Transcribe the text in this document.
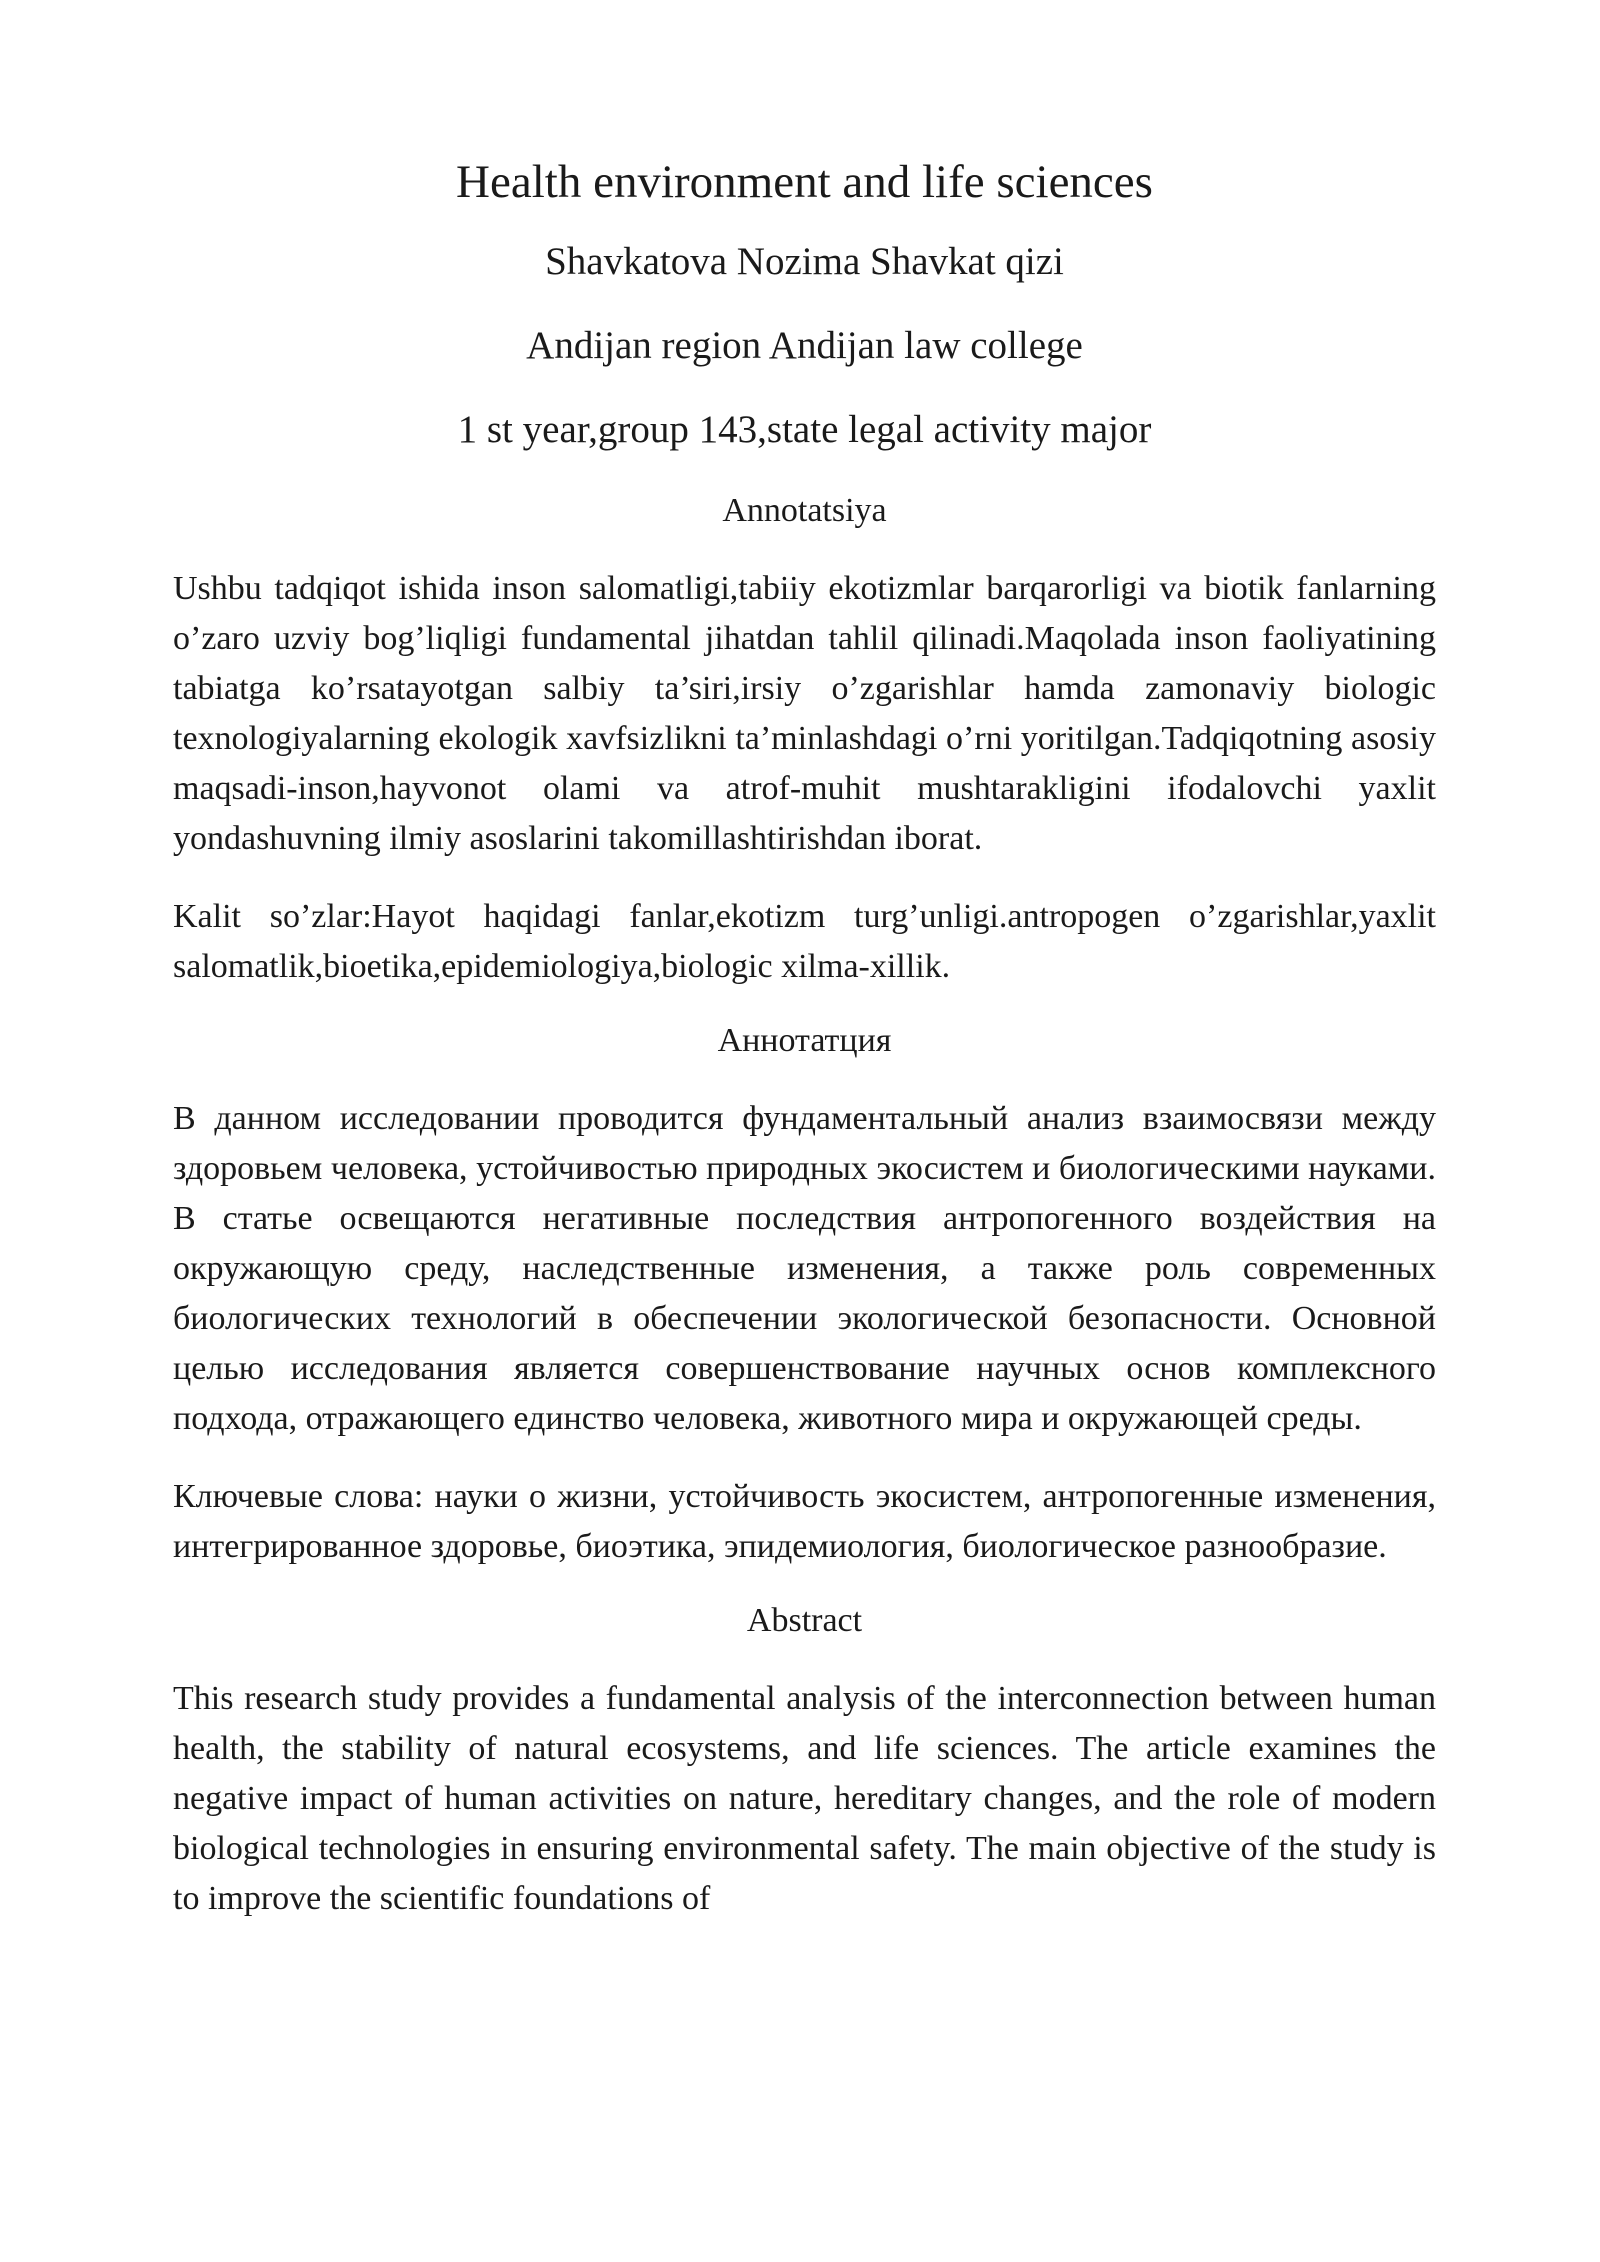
Health environment and life sciences

Shavkatova Nozima Shavkat qizi

Andijan region Andijan law college

1 st year,group 143,state legal activity major

Annotatsiya

Ushbu tadqiqot ishida inson salomatligi,tabiiy ekotizmlar barqarorligi va biotik fanlarning o’zaro uzviy bog’liqligi fundamental jihatdan tahlil qilinadi.Maqolada inson faoliyatining tabiatga ko’rsatayotgan salbiy ta’siri,irsiy o’zgarishlar hamda zamonaviy biologic texnologiyalarning ekologik xavfsizlikni ta’minlashdagi o’rni yoritilgan.Tadqiqotning asosiy maqsadi-inson,hayvonot olami va atrof-muhit mushtarakligini ifodalovchi yaxlit yondashuvning ilmiy asoslarini takomillashtirishdan iborat.

Kalit so’zlar:Hayot haqidagi fanlar,ekotizm turg’unligi.antropogen o’zgarishlar,yaxlit salomatlik,bioetika,epidemiologiya,biologic xilma-xillik.

Аннотатция

В данном исследовании проводится фундаментальный анализ взаимосвязи между здоровьем человека, устойчивостью природных экосистем и биологическими науками. В статье освещаются негативные последствия антропогенного воздействия на окружающую среду, наследственные изменения, а также роль современных биологических технологий в обеспечении экологической безопасности. Основной целью исследования является совершенствование научных основ комплексного подхода, отражающего единство человека, животного мира и окружающей среды.

Ключевые слова: науки о жизни, устойчивость экосистем, антропогенные изменения, интегрированное здоровье, биоэтика, эпидемиология, биологическое разнообразие.

Abstract

This research study provides a fundamental analysis of the interconnection between human health, the stability of natural ecosystems, and life sciences. The article examines the negative impact of human activities on nature, hereditary changes, and the role of modern biological technologies in ensuring environmental safety. The main objective of the study is to improve the scientific foundations of
